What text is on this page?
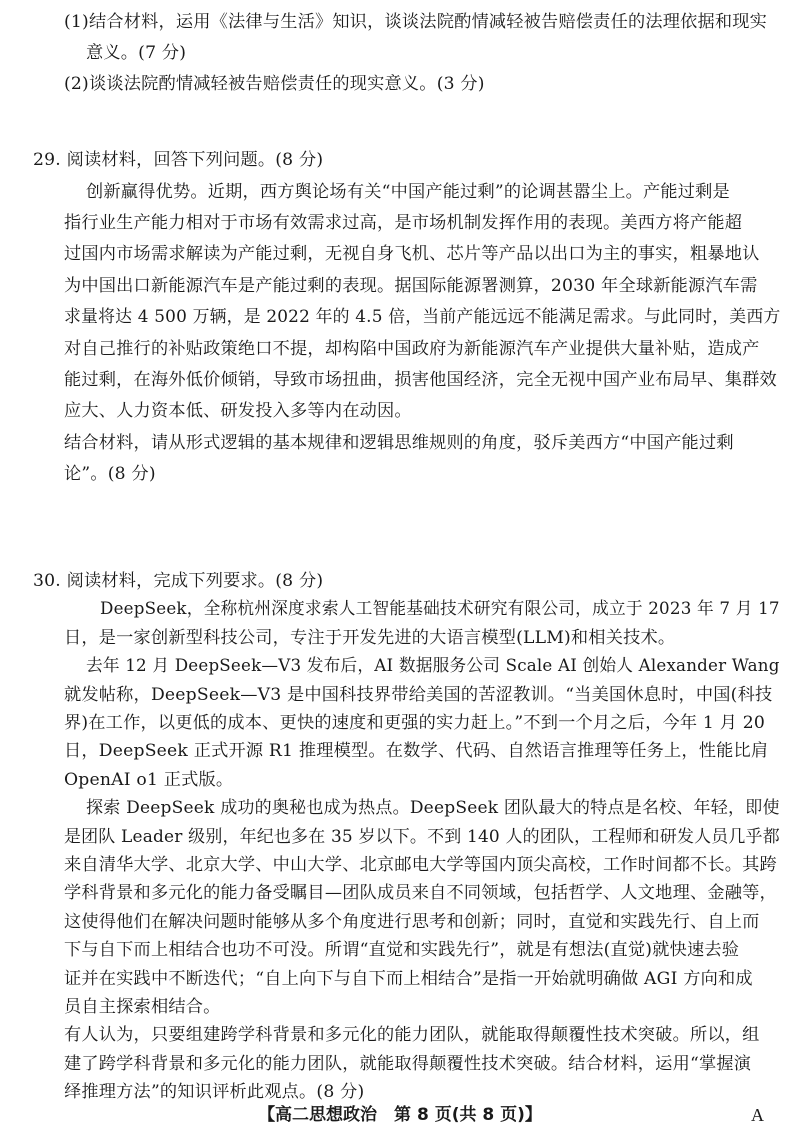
(1)结合材料，运用《法律与生活》知识，谈谈法院酌情减轻被告赔偿责任的法理依据和现实
意义。(7 分)
(2)谈谈法院酌情减轻被告赔偿责任的现实意义。(3 分)
29. 阅读材料，回答下列问题。(8 分)
创新赢得优势。近期，西方舆论场有关“中国产能过剩”的论调甚嚣尘上。产能过剩是
指行业生产能力相对于市场有效需求过高，是市场机制发挥作用的表现。美西方将产能超
过国内市场需求解读为产能过剩，无视自身飞机、芯片等产品以出口为主的事实，粗暴地认
为中国出口新能源汽车是产能过剩的表现。据国际能源署测算，2030 年全球新能源汽车需
求量将达 4 500 万辆，是 2022 年的 4.5 倍，当前产能远远不能满足需求。与此同时，美西方
对自己推行的补贴政策绝口不提，却构陷中国政府为新能源汽车产业提供大量补贴，造成产
能过剩，在海外低价倾销，导致市场扭曲，损害他国经济，完全无视中国产业布局早、集群效
应大、人力资本低、研发投入多等内在动因。
结合材料，请从形式逻辑的基本规律和逻辑思维规则的角度，驳斥美西方“中国产能过剩
论”。(8 分)
30. 阅读材料，完成下列要求。(8 分)
DeepSeek，全称杭州深度求索人工智能基础技术研究有限公司，成立于 2023 年 7 月 17
日，是一家创新型科技公司，专注于开发先进的大语言模型(LLM)和相关技术。
去年 12 月 DeepSeek—V3 发布后，AI 数据服务公司 Scale AI 创始人 Alexander Wang
就发帖称，DeepSeek—V3 是中国科技界带给美国的苦涩教训。“当美国休息时，中国(科技
界)在工作，以更低的成本、更快的速度和更强的实力赶上。”不到一个月之后，今年 1 月 20
日，DeepSeek 正式开源 R1 推理模型。在数学、代码、自然语言推理等任务上，性能比肩
OpenAI o1 正式版。
探索 DeepSeek 成功的奥秘也成为热点。DeepSeek 团队最大的特点是名校、年轻，即使
是团队 Leader 级别，年纪也多在 35 岁以下。不到 140 人的团队，工程师和研发人员几乎都
来自清华大学、北京大学、中山大学、北京邮电大学等国内顶尖高校，工作时间都不长。其跨
学科背景和多元化的能力备受瞩目—团队成员来自不同领域，包括哲学、人文地理、金融等，
这使得他们在解决问题时能够从多个角度进行思考和创新；同时，直觉和实践先行、自上而
下与自下而上相结合也功不可没。所谓“直觉和实践先行”，就是有想法(直觉)就快速去验
证并在实践中不断迭代；“自上向下与自下而上相结合”是指一开始就明确做 AGI 方向和成
员自主探索相结合。
有人认为，只要组建跨学科背景和多元化的能力团队，就能取得颠覆性技术突破。所以，组
建了跨学科背景和多元化的能力团队，就能取得颠覆性技术突破。结合材料，运用“掌握演
绎推理方法”的知识评析此观点。(8 分)
【高二思想政治　第 8 页(共 8 页)】	A
